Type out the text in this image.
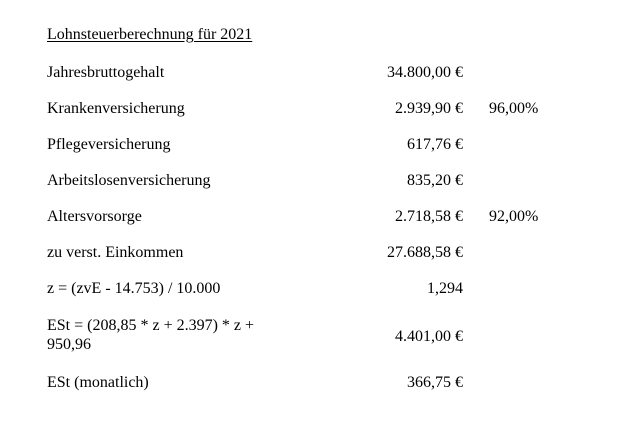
Lohnsteuerberechnung für 2021
Jahresbruttogehalt	34.800,00 €
Krankenversicherung	2.939,90 € 96,00%
Pflegeversicherung	617,76 €
Arbeitslosenversicherung	835,20 €
Altersvorsorge	2.718,58 € 92,00%
zu verst. Einkommen	27.688,58 €
z = (zvE - 14.753) / 10.000	1,294
ESt = (208,85 * z + 2.397) * z + 950,96	4.401,00 €
ESt (monatlich)	366,75 €
